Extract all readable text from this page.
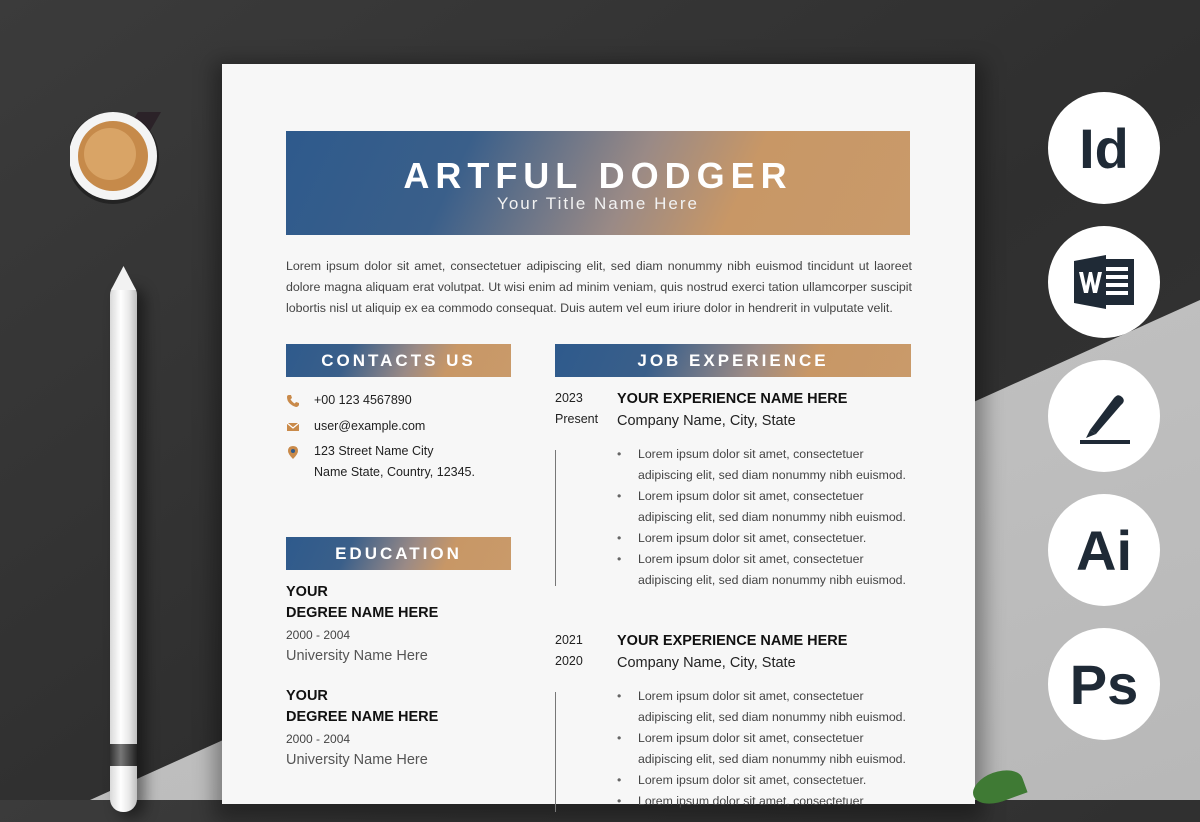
ARTFUL DODGER
Your Title Name Here
Lorem ipsum dolor sit amet, consectetuer adipiscing elit, sed diam nonummy nibh euismod tincidunt ut laoreet dolore magna aliquam erat volutpat. Ut wisi enim ad minim veniam, quis nostrud exerci tation ullamcorper suscipit lobortis nisl ut aliquip ex ea commodo consequat. Duis autem vel eum iriure dolor in hendrerit in vulputate velit.
CONTACTS US
+00 123 4567890
user@example.com
123 Street Name City
Name State, Country, 12345.
EDUCATION
YOUR
DEGREE NAME HERE
2000 - 2004
University Name Here
YOUR
DEGREE NAME HERE
2000 - 2004
University Name Here
JOB EXPERIENCE
2023
Present
YOUR EXPERIENCE NAME HERE
Company Name, City, State
• Lorem ipsum dolor sit amet, consectetuer adipiscing elit, sed diam nonummy nibh euismod.
• Lorem ipsum dolor sit amet, consectetuer adipiscing elit, sed diam nonummy nibh euismod.
• Lorem ipsum dolor sit amet, consectetuer.
• Lorem ipsum dolor sit amet, consectetuer adipiscing elit, sed diam nonummy nibh euismod.
2021
2020
YOUR EXPERIENCE NAME HERE
Company Name, City, State
• Lorem ipsum dolor sit amet, consectetuer adipiscing elit, sed diam nonummy nibh euismod.
• Lorem ipsum dolor sit amet, consectetuer adipiscing elit, sed diam nonummy nibh euismod.
• Lorem ipsum dolor sit amet, consectetuer.
• Lorem ipsum dolor sit amet, consectetuer
Id
Ai
Ps
